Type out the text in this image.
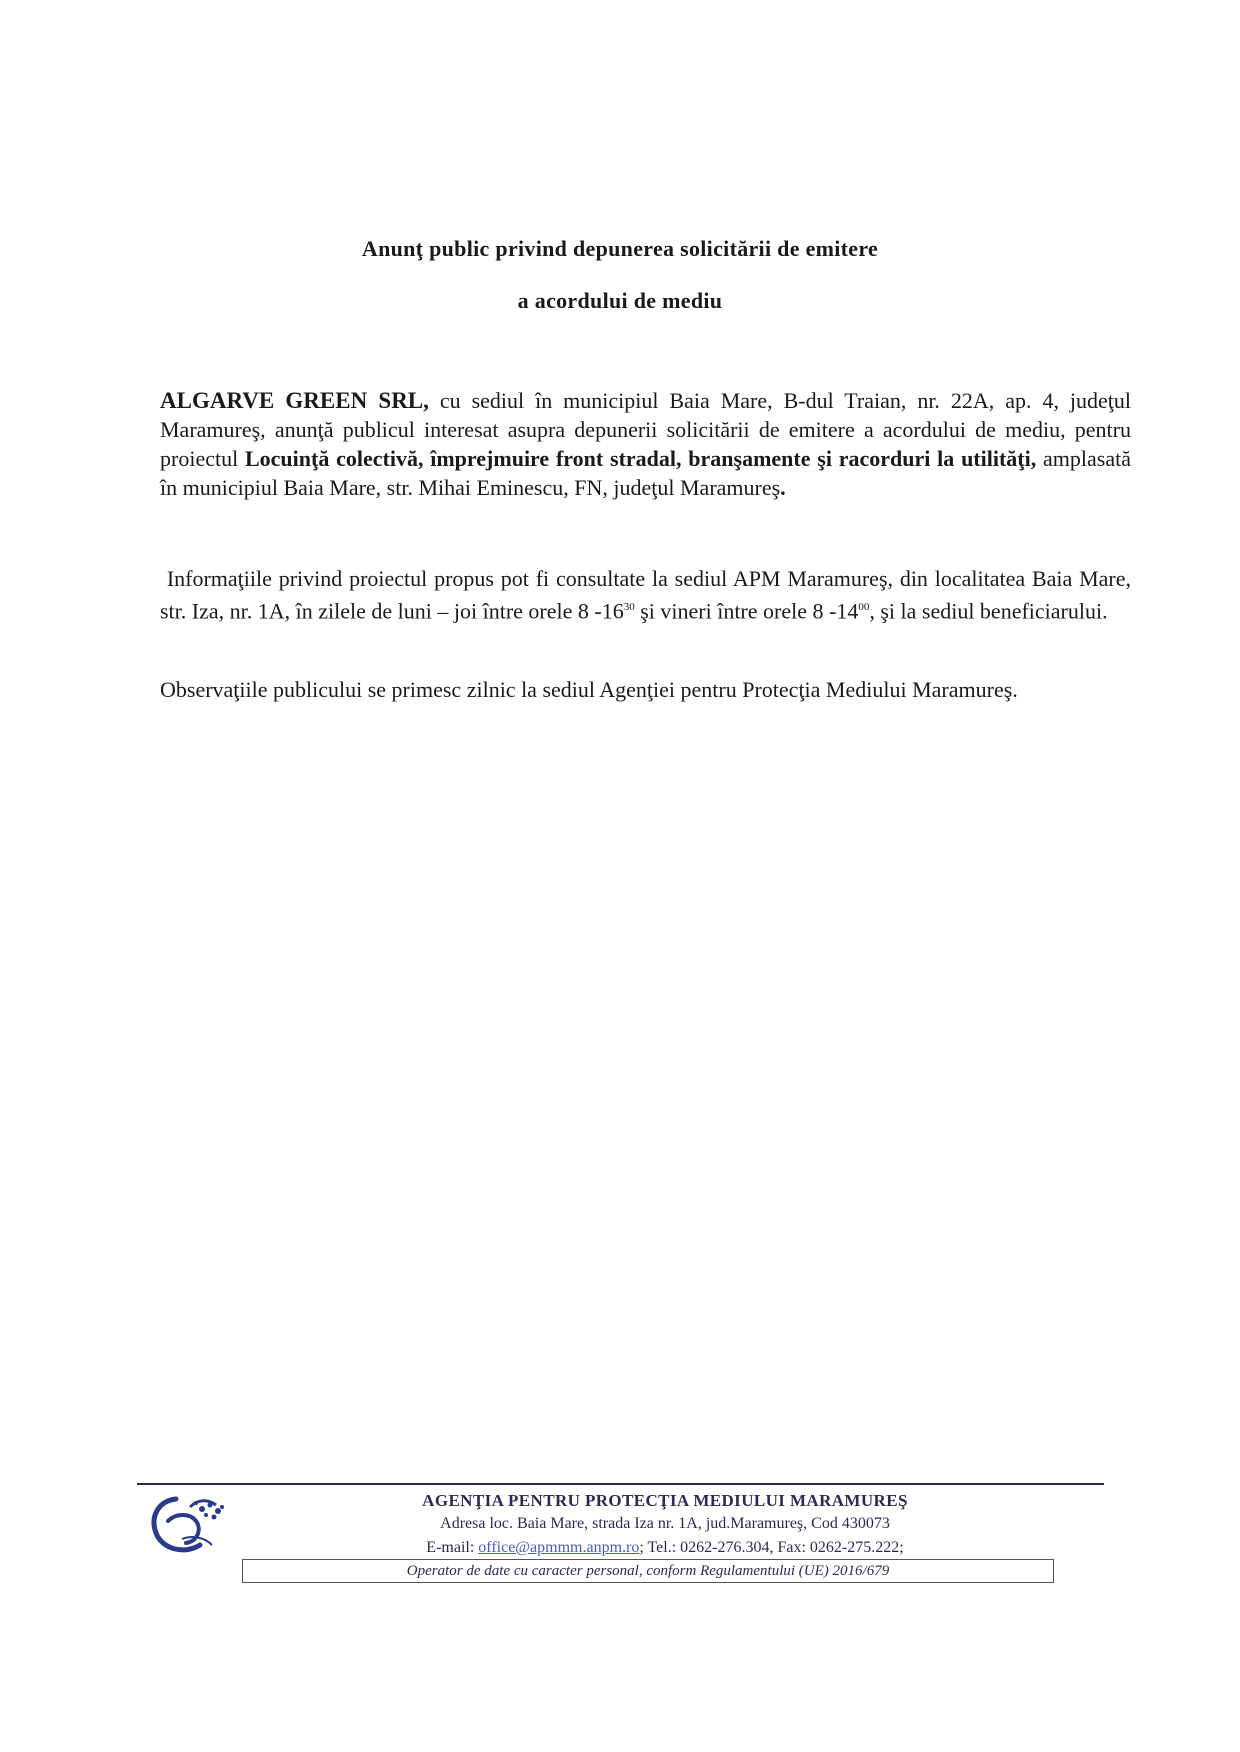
Anunţ public privind depunerea solicitării de emitere
a acordului de mediu

ALGARVE GREEN SRL, cu sediul în municipiul Baia Mare, B-dul Traian, nr. 22A, ap. 4, judeţul Maramureş, anunţă publicul interesat asupra depunerii solicitării de emitere a acordului de mediu, pentru proiectul Locuinţă colectivă, împrejmuire front stradal, branşamente şi racorduri la utilităţi, amplasată în municipiul Baia Mare, str. Mihai Eminescu, FN, judeţul Maramureş.

Informaţiile privind proiectul propus pot fi consultate la sediul APM Maramureş, din localitatea Baia Mare, str. Iza, nr. 1A, în zilele de luni – joi între orele 8 $-16^{30}$ şi vineri între orele 8 $-14^{00}$, şi la sediul beneficiarului.

Observaţiile publicului se primesc zilnic la sediul Agenţiei pentru Protecţia Mediului Maramureş.

AGENŢIA PENTRU PROTECŢIA MEDIULUI MARAMUREŞ
Adresa loc. Baia Mare, strada Iza nr. 1A, jud.Maramureş, Cod 430073
E-mail: office@apmmm.anpm.ro; Tel.: 0262-276.304, Fax: 0262-275.222;
Operator de date cu caracter personal, conform Regulamentului (UE) 2016/679
